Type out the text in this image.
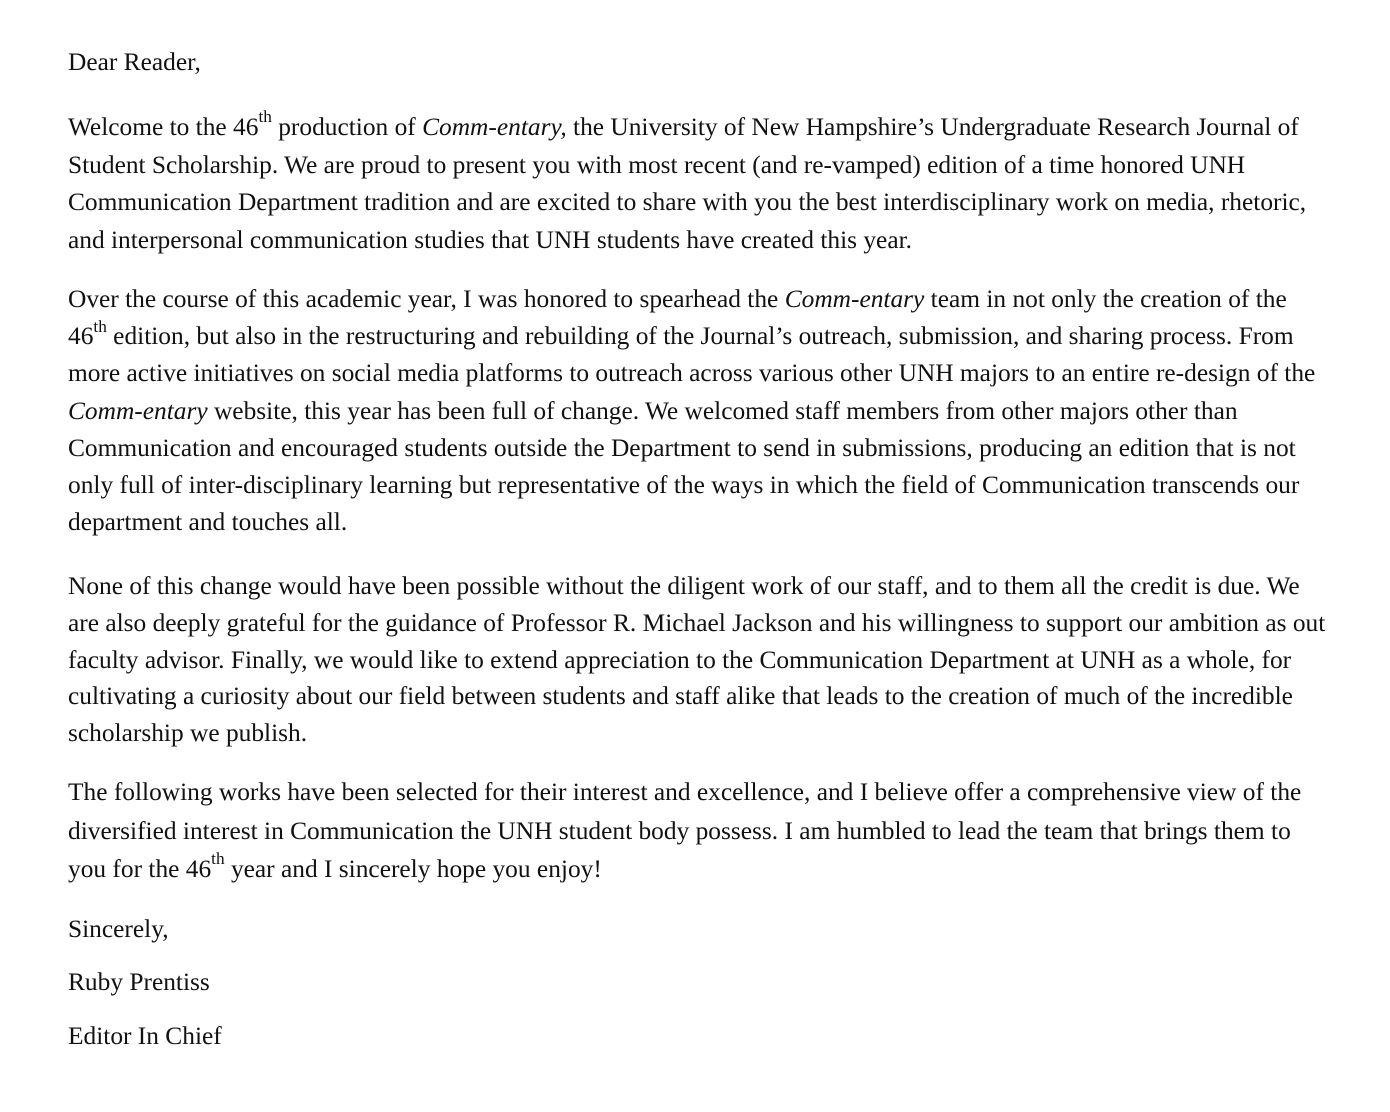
Dear Reader,

Welcome to the 46th production of Comm-entary, the University of New Hampshire’s Undergraduate Research Journal of Student Scholarship. We are proud to present you with most recent (and re-vamped) edition of a time honored UNH Communication Department tradition and are excited to share with you the best interdisciplinary work on media, rhetoric, and interpersonal communication studies that UNH students have created this year.

Over the course of this academic year, I was honored to spearhead the Comm-entary team in not only the creation of the 46th edition, but also in the restructuring and rebuilding of the Journal’s outreach, submission, and sharing process. From more active initiatives on social media platforms to outreach across various other UNH majors to an entire re-design of the Comm-entary website, this year has been full of change. We welcomed staff members from other majors other than Communication and encouraged students outside the Department to send in submissions, producing an edition that is not only full of inter-disciplinary learning but representative of the ways in which the field of Communication transcends our department and touches all.

None of this change would have been possible without the diligent work of our staff, and to them all the credit is due. We are also deeply grateful for the guidance of Professor R. Michael Jackson and his willingness to support our ambition as out faculty advisor. Finally, we would like to extend appreciation to the Communication Department at UNH as a whole, for cultivating a curiosity about our field between students and staff alike that leads to the creation of much of the incredible scholarship we publish.

The following works have been selected for their interest and excellence, and I believe offer a comprehensive view of the diversified interest in Communication the UNH student body possess. I am humbled to lead the team that brings them to you for the 46th year and I sincerely hope you enjoy!

Sincerely,

Ruby Prentiss

Editor In Chief
